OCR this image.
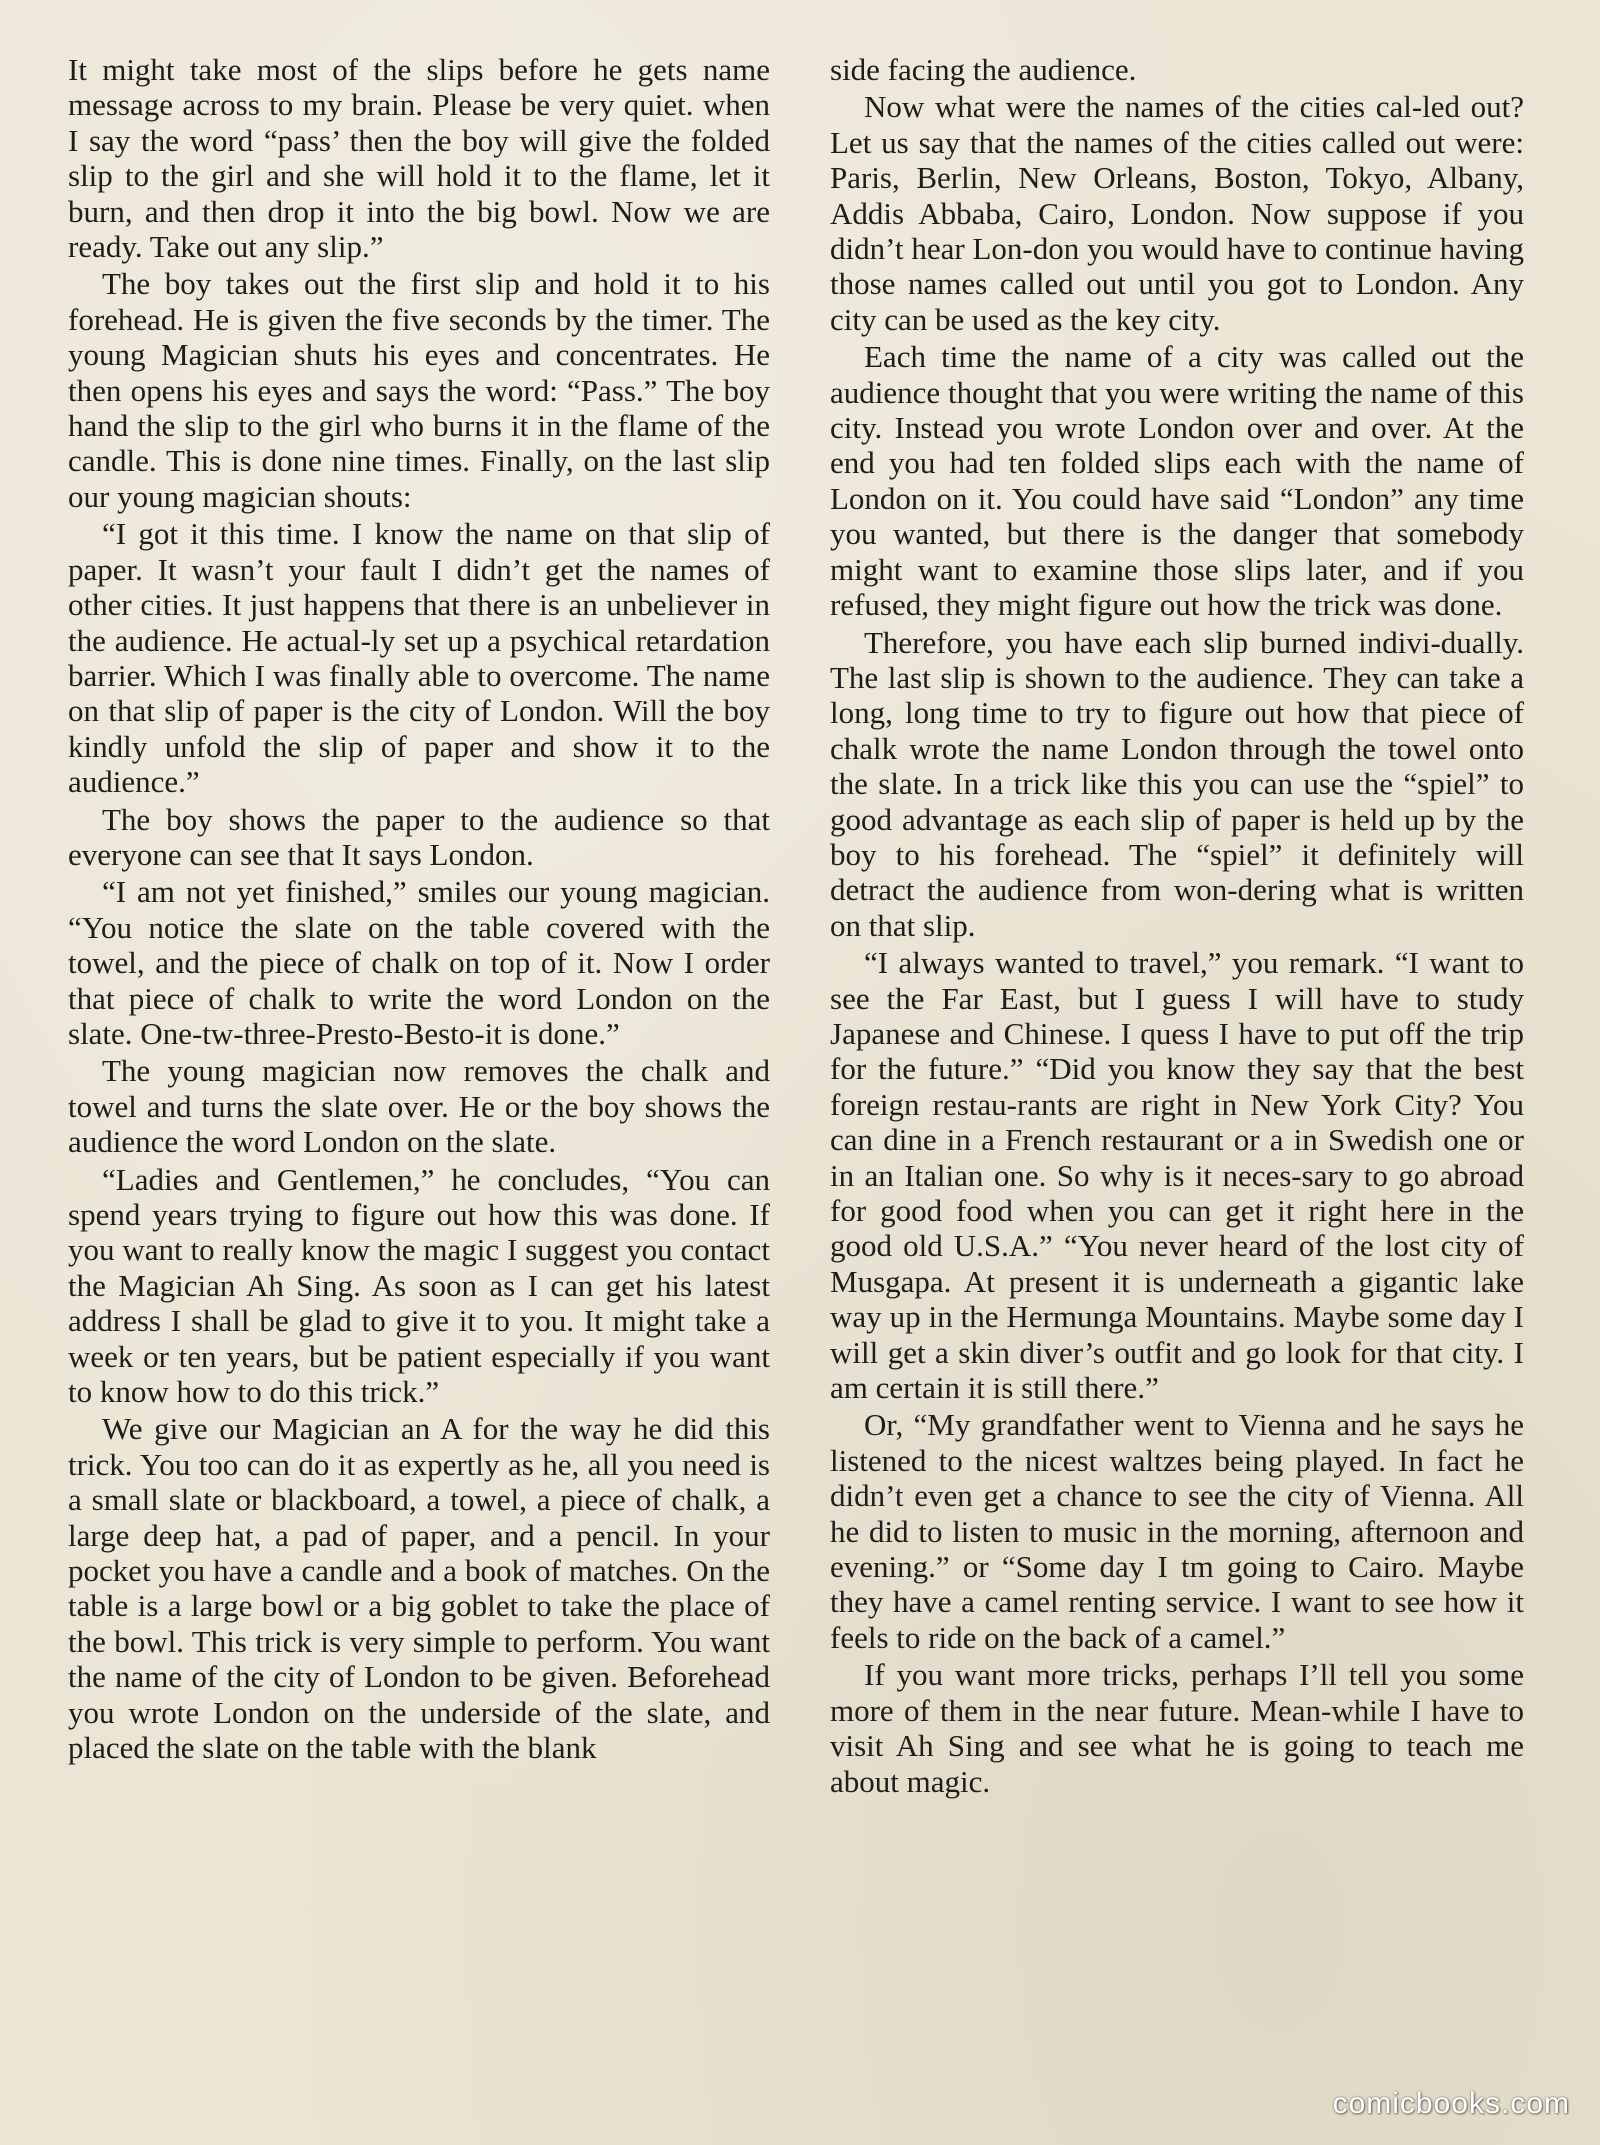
It might take most of the slips before he gets name message across to my brain. Please be very quiet. when I say the word “pass’ then the boy will give the folded slip to the girl and she will hold it to the flame, let it burn, and then drop it into the big bowl. Now we are ready. Take out any slip.”

The boy takes out the first slip and hold it to his forehead. He is given the five seconds by the timer. The young Magician shuts his eyes and concentrates. He then opens his eyes and says the word: “Pass.” The boy hand the slip to the girl who burns it in the flame of the candle. This is done nine times. Finally, on the last slip our young magician shouts:

“I got it this time. I know the name on that slip of paper. It wasn’t your fault I didn’t get the names of other cities. It just happens that there is an unbeliever in the audience. He actual-ly set up a psychical retardation barrier. Which I was finally able to overcome. The name on that slip of paper is the city of London. Will the boy kindly unfold the slip of paper and show it to the audience.”

The boy shows the paper to the audience so that everyone can see that It says London.

“I am not yet finished,” smiles our young magician. “You notice the slate on the table covered with the towel, and the piece of chalk on top of it. Now I order that piece of chalk to write the word London on the slate. One-tw-three-Presto-Besto-it is done.”

The young magician now removes the chalk and towel and turns the slate over. He or the boy shows the audience the word London on the slate.

“Ladies and Gentlemen,” he concludes, “You can spend years trying to figure out how this was done. If you want to really know the magic I suggest you contact the Magician Ah Sing. As soon as I can get his latest address I shall be glad to give it to you. It might take a week or ten years, but be patient especially if you want to know how to do this trick.”

We give our Magician an A for the way he did this trick. You too can do it as expertly as he, all you need is a small slate or blackboard, a towel, a piece of chalk, a large deep hat, a pad of paper, and a pencil. In your pocket you have a candle and a book of matches. On the table is a large bowl or a big goblet to take the place of the bowl. This trick is very simple to perform. You want the name of the city of London to be given. Beforehead you wrote London on the underside of the slate, and placed the slate on the table with the blank

side facing the audience.

Now what were the names of the cities cal-led out? Let us say that the names of the cities called out were: Paris, Berlin, New Orleans, Boston, Tokyo, Albany, Addis Abbaba, Cairo, London. Now suppose if you didn’t hear Lon-don you would have to continue having those names called out until you got to London. Any city can be used as the key city.

Each time the name of a city was called out the audience thought that you were writing the name of this city. Instead you wrote London over and over. At the end you had ten folded slips each with the name of London on it. You could have said “London” any time you wanted, but there is the danger that somebody might want to examine those slips later, and if you refused, they might figure out how the trick was done.

Therefore, you have each slip burned indivi-dually. The last slip is shown to the audience. They can take a long, long time to try to figure out how that piece of chalk wrote the name London through the towel onto the slate. In a trick like this you can use the “spiel” to good advantage as each slip of paper is held up by the boy to his forehead. The “spiel” it definitely will detract the audience from won-dering what is written on that slip.

“I always wanted to travel,” you remark. “I want to see the Far East, but I guess I will have to study Japanese and Chinese. I quess I have to put off the trip for the future.” “Did you know they say that the best foreign restau-rants are right in New York City? You can dine in a French restaurant or a in Swedish one or in an Italian one. So why is it neces-sary to go abroad for good food when you can get it right here in the good old U.S.A.” “You never heard of the lost city of Musgapa. At present it is underneath a gigantic lake way up in the Hermunga Mountains. Maybe some day I will get a skin diver’s outfit and go look for that city. I am certain it is still there.”

Or, “My grandfather went to Vienna and he says he listened to the nicest waltzes being played. In fact he didn’t even get a chance to see the city of Vienna. All he did to listen to music in the morning, afternoon and evening.” or “Some day I tm going to Cairo. Maybe they have a camel renting service. I want to see how it feels to ride on the back of a camel.”

If you want more tricks, perhaps I’ll tell you some more of them in the near future. Mean-while I have to visit Ah Sing and see what he is going to teach me about magic.

comicbooks.com
